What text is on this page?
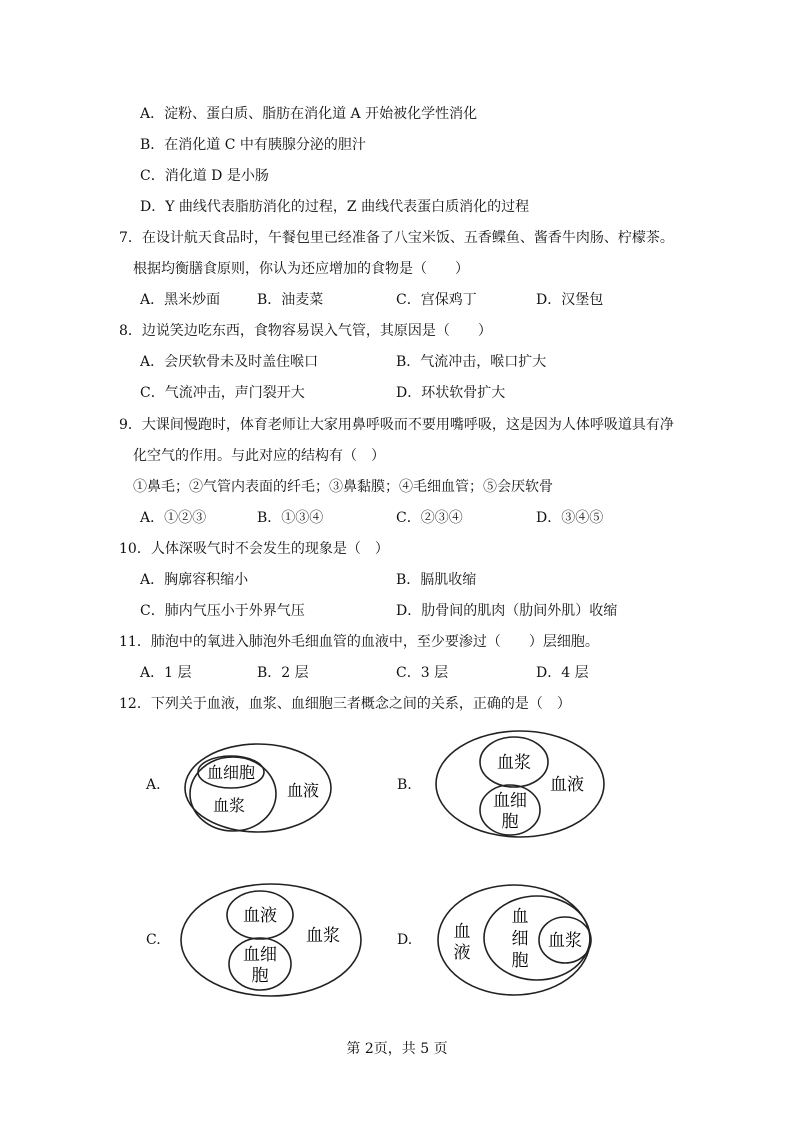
A．淀粉、蛋白质、脂肪在消化道 A 开始被化学性消化
B．在消化道 C 中有胰腺分泌的胆汁
C．消化道 D 是小肠
D．Y 曲线代表脂肪消化的过程，Z 曲线代表蛋白质消化的过程
7．在设计航天食品时，午餐包里已经准备了八宝米饭、五香鲽鱼、酱香牛肉肠、柠檬茶。
根据均衡膳食原则，你认为还应增加的食物是（　　）
A．黑米炒面	B．油麦菜	C．宫保鸡丁	D．汉堡包
8．边说笑边吃东西，食物容易误入气管，其原因是（　　）
A．会厌软骨未及时盖住喉口	B．气流冲击，喉口扩大
C．气流冲击，声门裂开大	D．环状软骨扩大
9．大课间慢跑时，体育老师让大家用鼻呼吸而不要用嘴呼吸，这是因为人体呼吸道具有净
化空气的作用。与此对应的结构有（　）
①鼻毛；②气管内表面的纤毛；③鼻黏膜；④毛细血管；⑤会厌软骨
A．①②③	B．①③④	C．②③④	D．③④⑤
10．人体深吸气时不会发生的现象是（　）
A．胸廓容积缩小	B．膈肌收缩
C．肺内气压小于外界气压	D．肋骨间的肌肉（肋间外肌）收缩
11．肺泡中的氧进入肺泡外毛细血管的血液中，至少要渗过（　　）层细胞。
A．1 层	B．2 层	C．3 层	D．4 层
12．下列关于血液，血浆、血细胞三者概念之间的关系，正确的是（　）
A.
血细胞
血浆
血液	B.
血浆
血细
胞
血液
C.
血液
血细
胞
血浆	D. 血
液
血
细
胞
血浆
第 2页，共 5 页
